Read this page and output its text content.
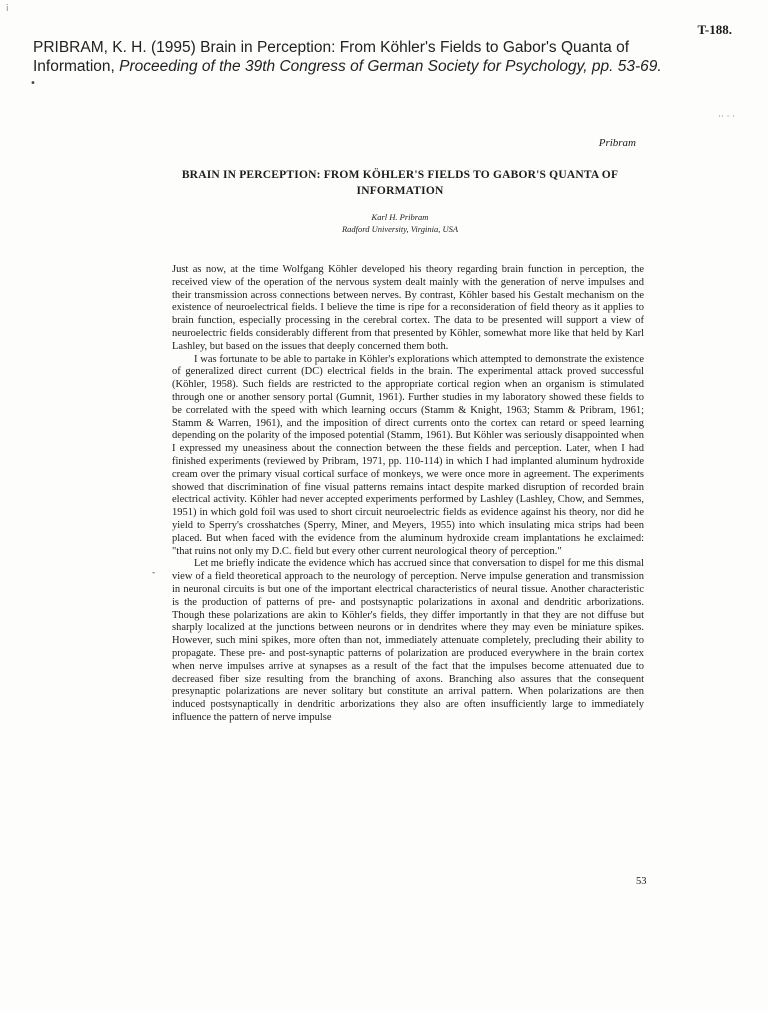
T-188.
PRIBRAM, K. H. (1995) Brain in Perception: From Köhler's Fields to Gabor's Quanta of Information, Proceeding of the 39th Congress of German Society for Psychology, pp. 53-69.
ⅰ
•
·· · ·
-
Pribram
BRAIN IN PERCEPTION: FROM KÖHLER'S FIELDS TO GABOR'S QUANTA OF INFORMATION
Karl H. Pribram
Radford University, Virginia, USA

Just as now, at the time Wolfgang Köhler developed his theory regarding brain function in perception, the received view of the operation of the nervous system dealt mainly with the generation of nerve impulses and their transmission across connections between nerves. By contrast, Köhler based his Gestalt mechanism on the existence of neuroelectrical fields. I believe the time is ripe for a reconsideration of field theory as it applies to brain function, especially processing in the cerebral cortex. The data to be presented will support a view of neuroelectric fields considerably different from that presented by Köhler, somewhat more like that held by Karl Lashley, but based on the issues that deeply concerned them both.

I was fortunate to be able to partake in Köhler's explorations which attempted to demonstrate the existence of generalized direct current (DC) electrical fields in the brain. The experimental attack proved successful (Köhler, 1958). Such fields are restricted to the appropriate cortical region when an organism is stimulated through one or another sensory portal (Gumnit, 1961). Further studies in my laboratory showed these fields to be correlated with the speed with which learning occurs (Stamm & Knight, 1963; Stamm & Pribram, 1961; Stamm & Warren, 1961), and the imposition of direct currents onto the cortex can retard or speed learning depending on the polarity of the imposed potential (Stamm, 1961). But Köhler was seriously disappointed when I expressed my uneasiness about the connection between the these fields and perception. Later, when I had finished experiments (reviewed by Pribram, 1971, pp. 110-114) in which I had implanted aluminum hydroxide cream over the primary visual cortical surface of monkeys, we were once more in agreement. The experiments showed that discrimination of fine visual patterns remains intact despite marked disruption of recorded brain electrical activity. Köhler had never accepted experiments performed by Lashley (Lashley, Chow, and Semmes, 1951) in which gold foil was used to short circuit neuroelectric fields as evidence against his theory, nor did he yield to Sperry's crosshatches (Sperry, Miner, and Meyers, 1955) into which insulating mica strips had been placed. But when faced with the evidence from the aluminum hydroxide cream implantations he exclaimed: "that ruins not only my D.C. field but every other current neurological theory of perception."

Let me briefly indicate the evidence which has accrued since that conversation to dispel for me this dismal view of a field theoretical approach to the neurology of perception. Nerve impulse generation and transmission in neuronal circuits is but one of the important electrical characteristics of neural tissue. Another characteristic is the production of patterns of pre- and postsynaptic polarizations in axonal and dendritic arborizations. Though these polarizations are akin to Köhler's fields, they differ importantly in that they are not diffuse but sharply localized at the junctions between neurons or in dendrites where they may even be miniature spikes. However, such mini spikes, more often than not, immediately attenuate completely, precluding their ability to propagate. These pre- and post-synaptic patterns of polarization are produced everywhere in the brain cortex when nerve impulses arrive at synapses as a result of the fact that the impulses become attenuated due to decreased fiber size resulting from the branching of axons. Branching also assures that the consequent presynaptic polarizations are never solitary but constitute an arrival pattern. When polarizations are then induced postsynaptically in dendritic arborizations they also are often insufficiently large to immediately influence the pattern of nerve impulse

53
